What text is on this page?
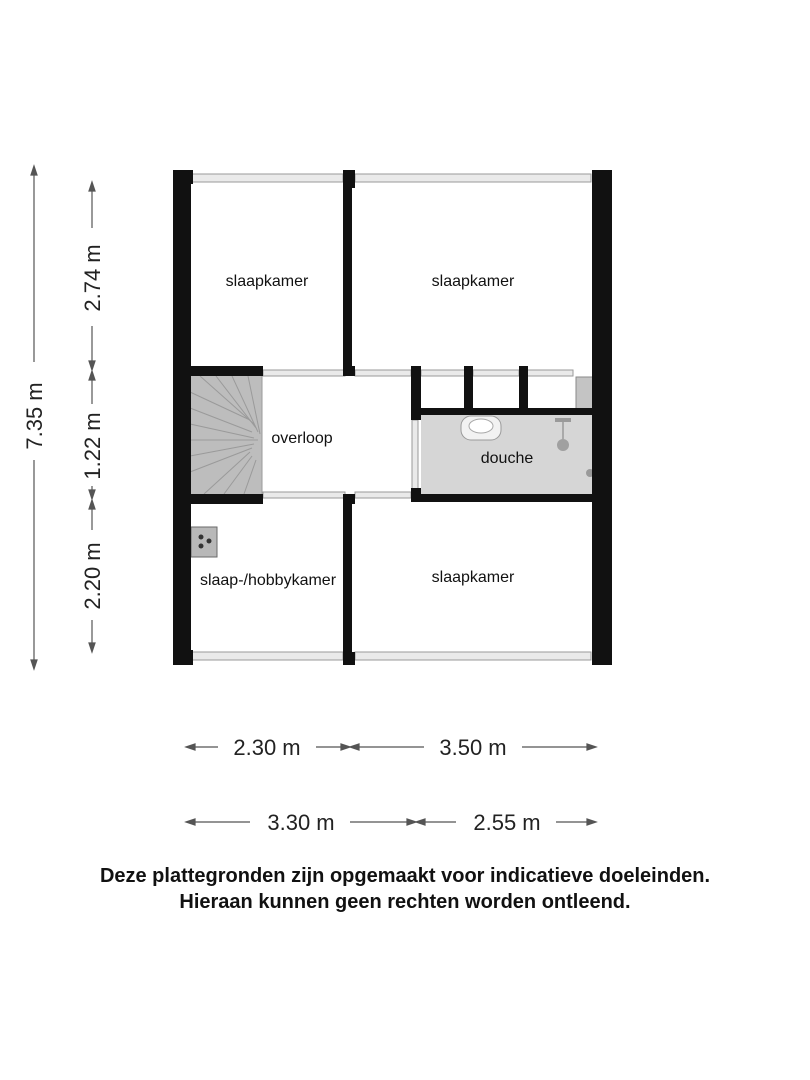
slaapkamer	slaapkamer
overloop
douche
slaap-/hobbykamer	slaapkamer
7.35 m
2.74 m
1.22 m
2.20 m
2.30 m	3.50 m
3.30 m	2.55 m
Deze plattegronden zijn opgemaakt voor indicatieve doeleinden.
Hieraan kunnen geen rechten worden ontleend.
